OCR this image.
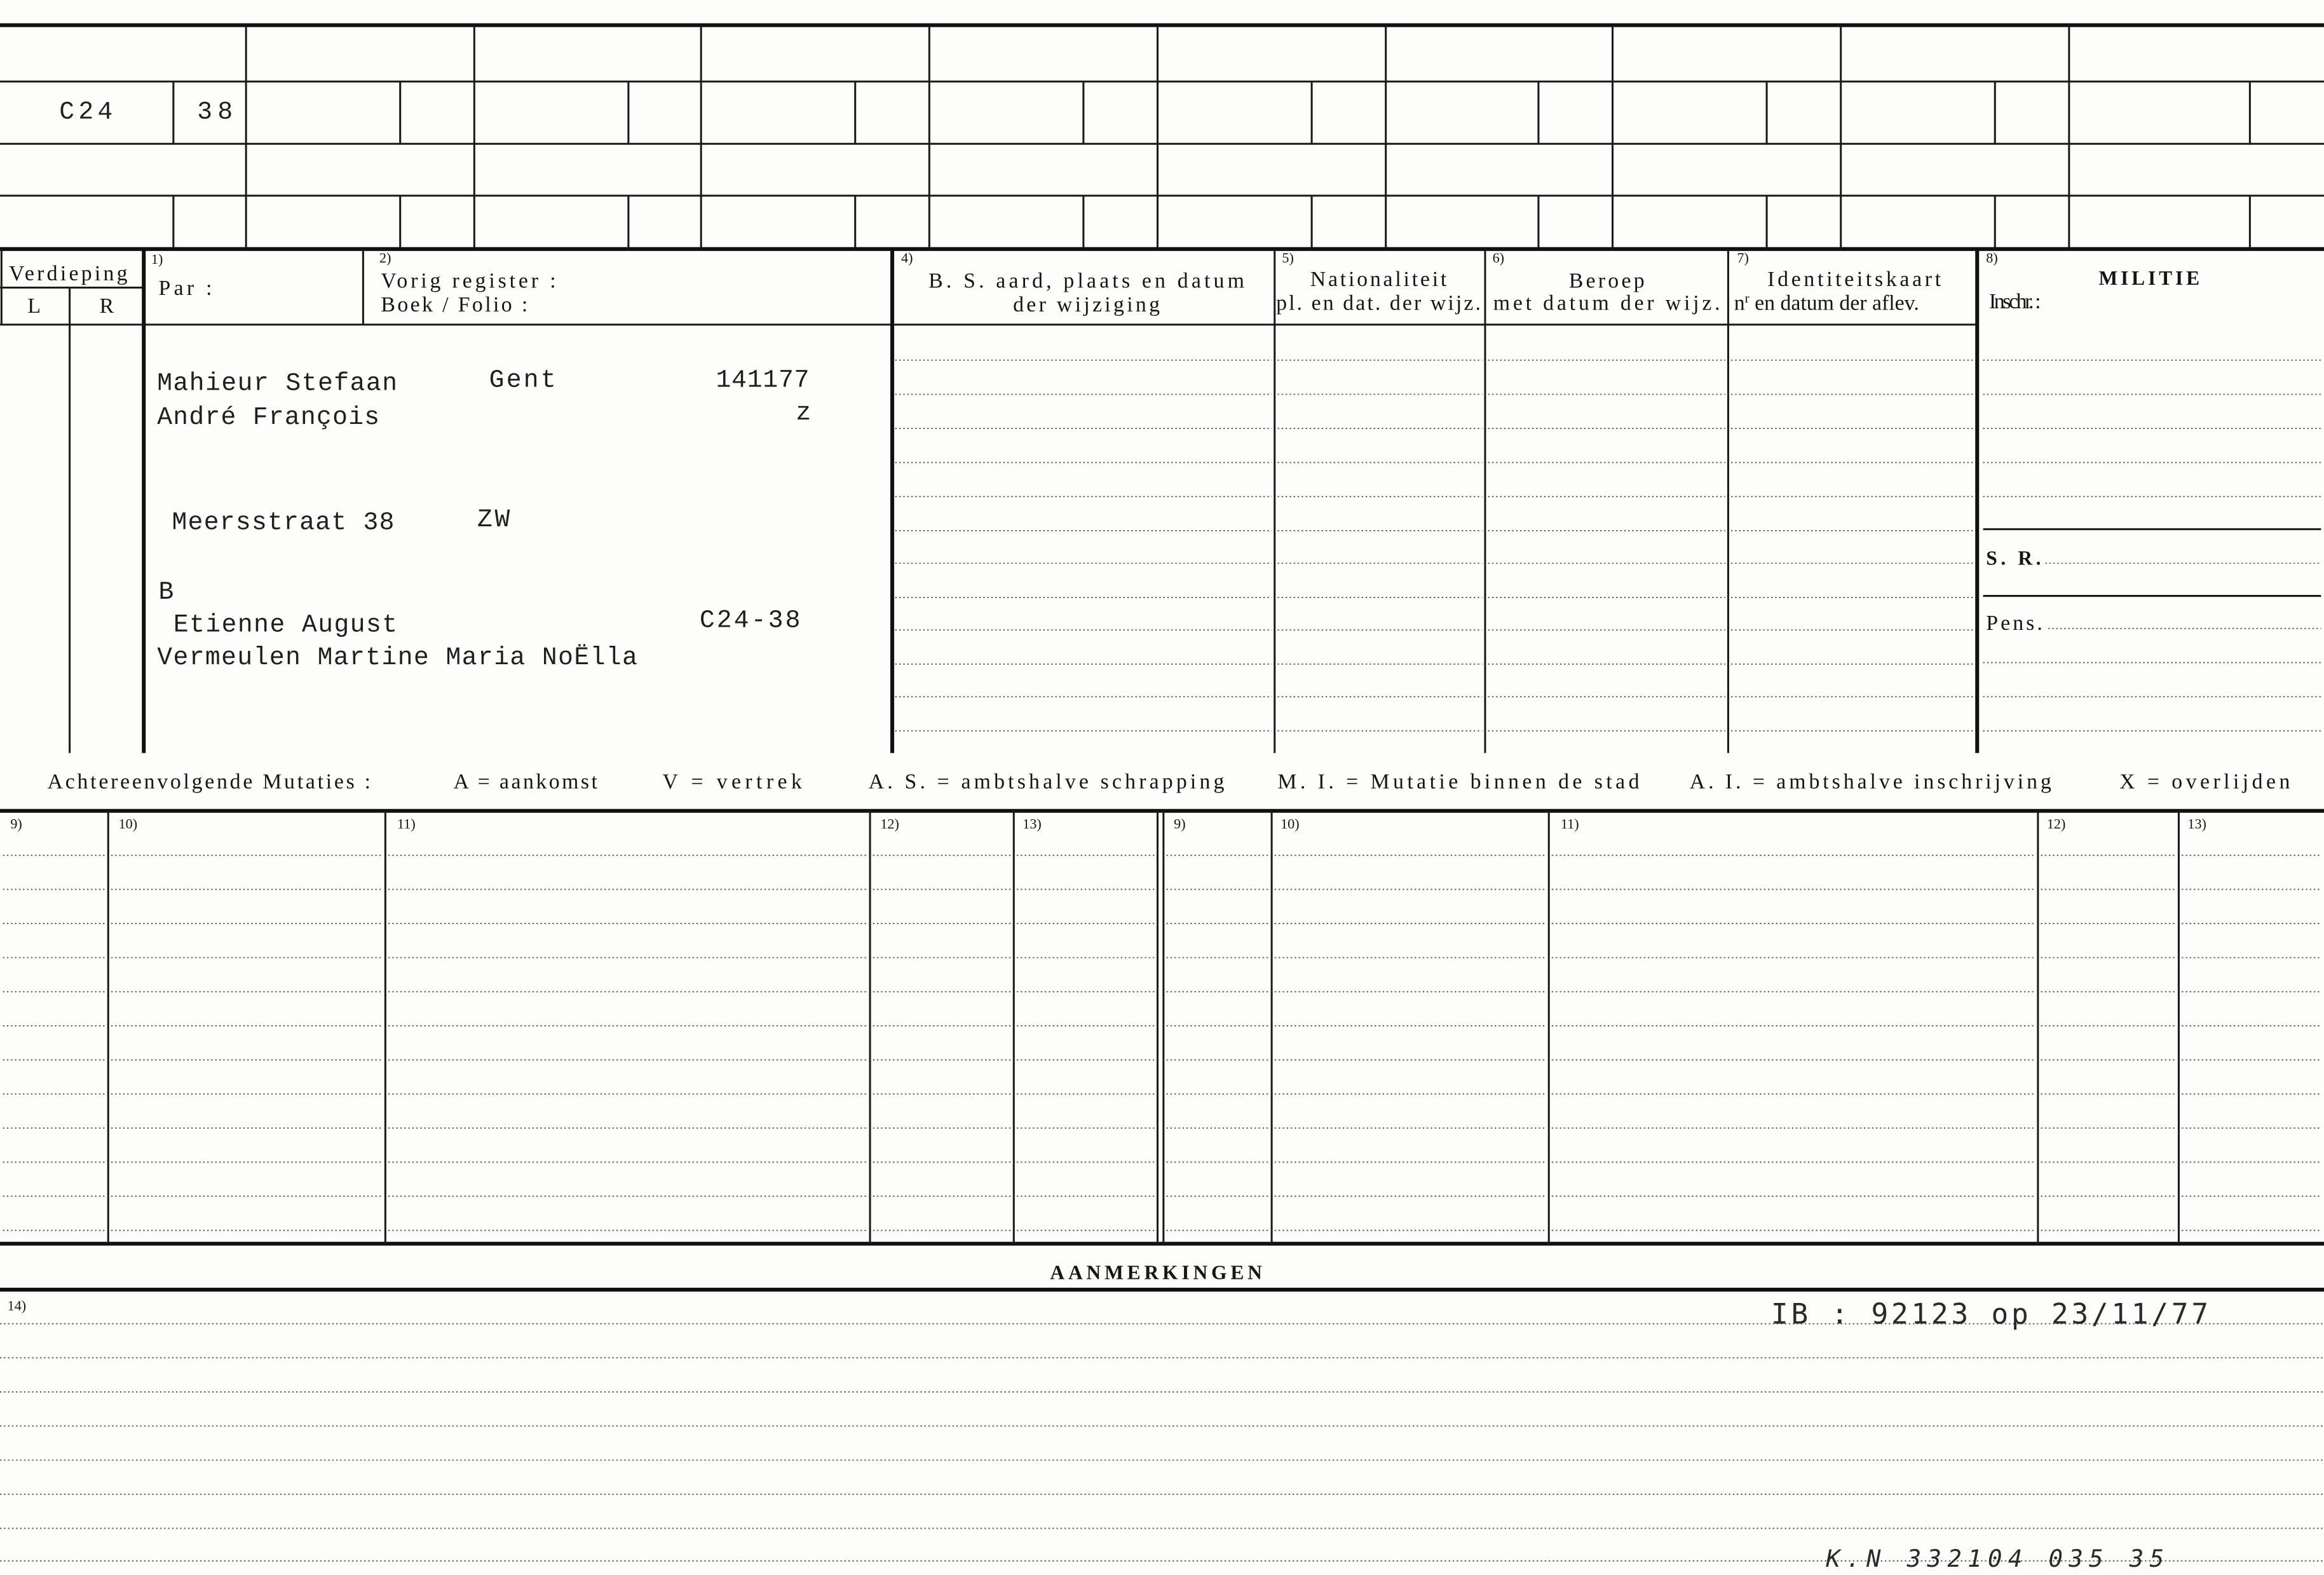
C24	38
Verdieping
L	R
1)
Par :
2)
Vorig register :
Boek / Folio :
4)
B. S. aard, plaats en datum
der wijziging
5)
Nationaliteit
pl. en dat. der wijz.
6)
Beroep
met datum der wijz.
7)
Identiteitskaart
$n^r$ en datum der aflev.
8)
MILITIE
Inschr. :
S. R.
Pens.
Mahieur Stefaan	Gent	141177
André François	z
Meersstraat 38	ZW
B
Etienne August	C24-38
Vermeulen Martine Maria NoËlla
Achtereenvolgende Mutaties :	A = aankomst	V = vertrek	A. S. = ambtshalve schrapping	M. I. = Mutatie binnen de stad	A. I. = ambtshalve inschrijving	X = overlijden
9)	10)	11)	12)	13)	9)	10)	11)	12)	13)
AANMERKINGEN
14)	IB : 92123 op 23/11/77
K.N 332104 035 35
